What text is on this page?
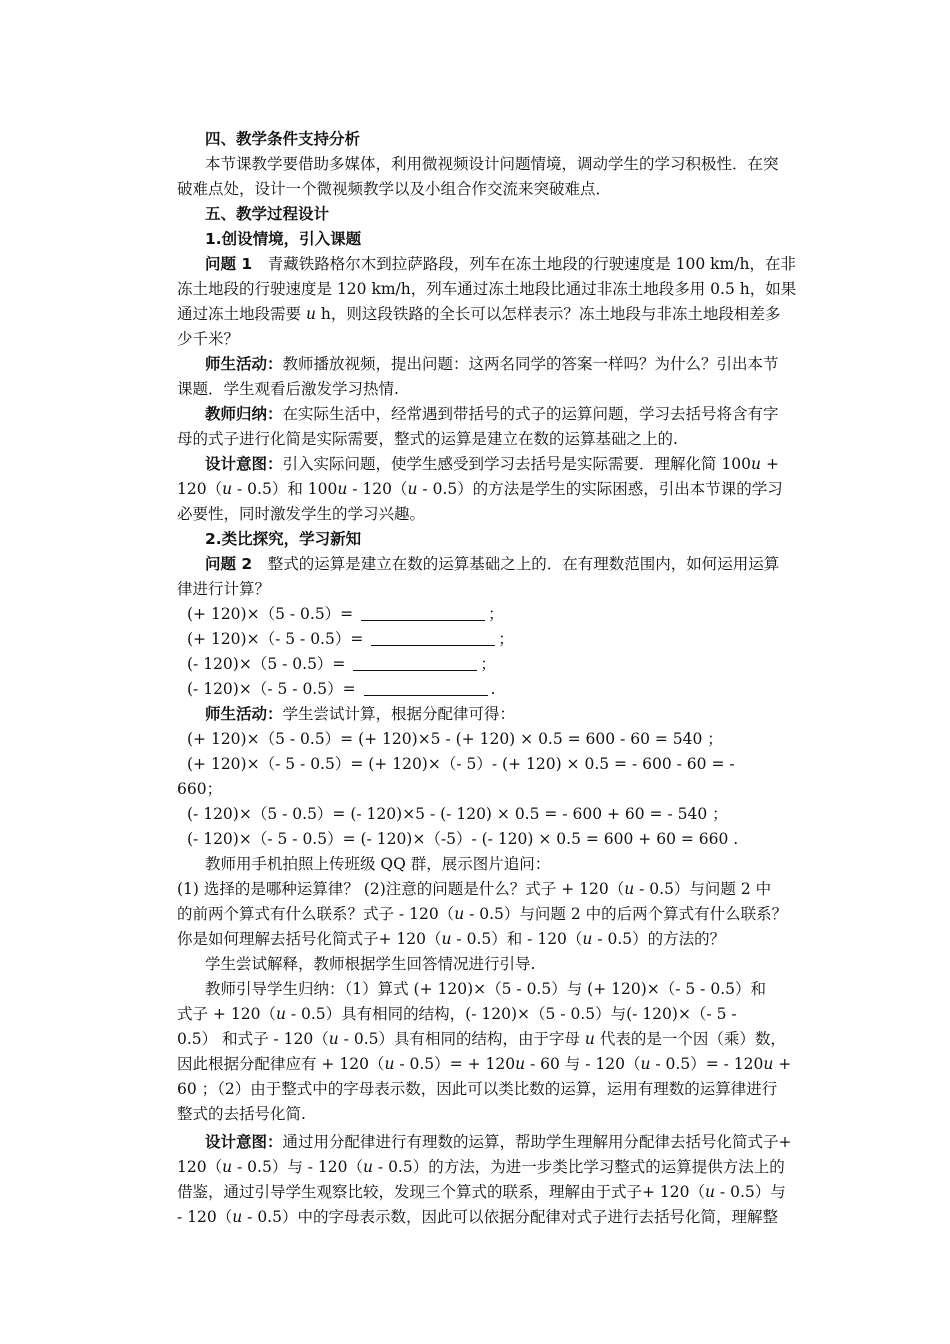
四、教学条件支持分析
本节课教学要借助多媒体，利用微视频设计问题情境，调动学生的学习积极性．在突
破难点处，设计一个微视频教学以及小组合作交流来突破难点．
五、教学过程设计
1.创设情境，引入课题
问题 1　青藏铁路格尔木到拉萨路段，列车在冻土地段的行驶速度是 100 km/h，在非
冻土地段的行驶速度是 120 km/h，列车通过冻土地段比通过非冻土地段多用 0.5 h，如果
通过冻土地段需要 u h，则这段铁路的全长可以怎样表示？冻土地段与非冻土地段相差多
少千米？
师生活动：教师播放视频，提出问题：这两名同学的答案一样吗？为什么？引出本节
课题．学生观看后激发学习热情.
教师归纳：在实际生活中，经常遇到带括号的式子的运算问题，学习去括号将含有字
母的式子进行化简是实际需要，整式的运算是建立在数的运算基础之上的.
设计意图：引入实际问题，使学生感受到学习去括号是实际需要．理解化简 100u +
120（u - 0.5）和 100u - 120（u - 0.5）的方法是学生的实际困惑，引出本节课的学习
必要性，同时激发学生的学习兴趣。
2.类比探究，学习新知
问题 2　整式的运算是建立在数的运算基础之上的．在有理数范围内，如何运用运算
律进行计算？
(+ 120)×（5 - 0.5）=	；
(+ 120)×（- 5 - 0.5）=	；
(- 120)×（5 - 0.5）=	；
(- 120)×（- 5 - 0.5）=	.
师生活动：学生尝试计算，根据分配律可得：
(+ 120)×（5 - 0.5）= (+ 120)×5 - (+ 120) × 0.5 = 600 - 60 = 540 ；
(+ 120)×（- 5 - 0.5）= (+ 120)×（- 5）- (+ 120) × 0.5 = - 600 - 60 = -
660；
(- 120)×（5 - 0.5）= (- 120)×5 - (- 120) × 0.5 = - 600 + 60 = - 540 ；
(- 120)×（- 5 - 0.5）= (- 120)×（-5）- (- 120) × 0.5 = 600 + 60 = 660 .
教师用手机拍照上传班级 QQ 群，展示图片追问：
(1) 选择的是哪种运算律？ (2)注意的问题是什么？式子 + 120（u - 0.5）与问题 2 中
的前两个算式有什么联系？式子 - 120（u - 0.5）与问题 2 中的后两个算式有什么联系？
你是如何理解去括号化简式子+ 120（u - 0.5）和 - 120（u - 0.5）的方法的？
学生尝试解释，教师根据学生回答情况进行引导.
教师引导学生归纳：（1）算式 (+ 120)×（5 - 0.5）与 (+ 120)×（- 5 - 0.5）和
式子 + 120（u - 0.5）具有相同的结构，(- 120)×（5 - 0.5）与(- 120)×（- 5 -
0.5） 和式子 - 120（u - 0.5）具有相同的结构，由于字母 u 代表的是一个因（乘）数，
因此根据分配律应有 + 120（u - 0.5）= + 120u - 60 与 - 120（u - 0.5）= - 120u +
60 ；（2）由于整式中的字母表示数，因此可以类比数的运算，运用有理数的运算律进行
整式的去括号化简.
设计意图：通过用分配律进行有理数的运算，帮助学生理解用分配律去括号化简式子+
120（u - 0.5）与 - 120（u - 0.5）的方法，为进一步类比学习整式的运算提供方法上的
借鉴，通过引导学生观察比较，发现三个算式的联系，理解由于式子+ 120（u - 0.5）与
- 120（u - 0.5）中的字母表示数，因此可以依据分配律对式子进行去括号化简，理解整
